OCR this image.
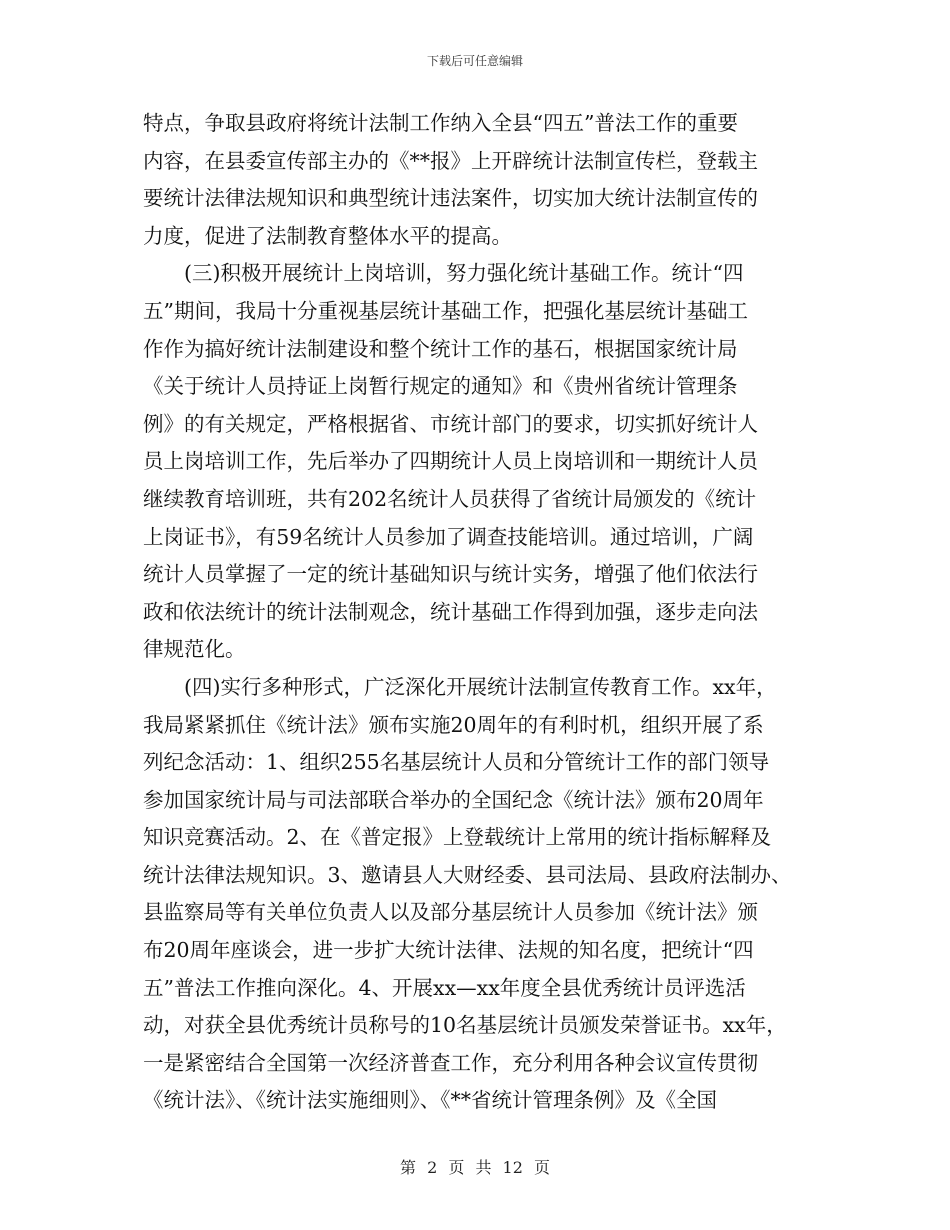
下载后可任意编辑
特点，争取县政府将统计法制工作纳入全县“四五”普法工作的重要
内容，在县委宣传部主办的《**报》上开辟统计法制宣传栏，登载主
要统计法律法规知识和典型统计违法案件，切实加大统计法制宣传的
力度，促进了法制教育整体水平的提高。
　　(三)积极开展统计上岗培训，努力强化统计基础工作。统计“四
五”期间，我局十分重视基层统计基础工作，把强化基层统计基础工
作作为搞好统计法制建设和整个统计工作的基石，根据国家统计局
《关于统计人员持证上岗暂行规定的通知》和《贵州省统计管理条
例》的有关规定，严格根据省、市统计部门的要求，切实抓好统计人
员上岗培训工作，先后举办了四期统计人员上岗培训和一期统计人员
继续教育培训班，共有202名统计人员获得了省统计局颁发的《统计
上岗证书》，有59名统计人员参加了调查技能培训。通过培训，广阔
统计人员掌握了一定的统计基础知识与统计实务，增强了他们依法行
政和依法统计的统计法制观念，统计基础工作得到加强，逐步走向法
律规范化。
　　(四)实行多种形式，广泛深化开展统计法制宣传教育工作。xx年，
我局紧紧抓住《统计法》颁布实施20周年的有利时机，组织开展了系
列纪念活动：1、组织255名基层统计人员和分管统计工作的部门领导
参加国家统计局与司法部联合举办的全国纪念《统计法》颁布20周年
知识竞赛活动。2、在《普定报》上登载统计上常用的统计指标解释及
统计法律法规知识。3、邀请县人大财经委、县司法局、县政府法制办、
县监察局等有关单位负责人以及部分基层统计人员参加《统计法》颁
布20周年座谈会，进一步扩大统计法律、法规的知名度，把统计“四
五”普法工作推向深化。4、开展xx—xx年度全县优秀统计员评选活
动，对获全县优秀统计员称号的10名基层统计员颁发荣誉证书。xx年，
一是紧密结合全国第一次经济普查工作，充分利用各种会议宣传贯彻
《统计法》、《统计法实施细则》、《**省统计管理条例》及《全国
第 2 页 共 12 页
